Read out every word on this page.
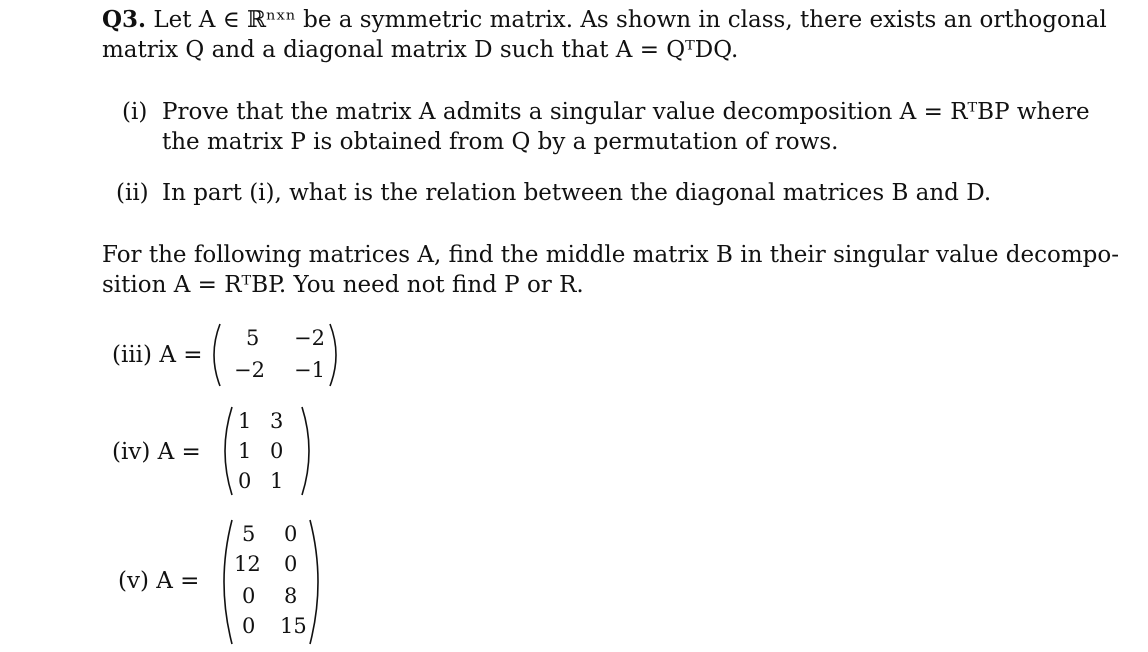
Q3. Let A ∈ ℝⁿˣⁿ be a symmetric matrix. As shown in class, there exists an orthogonal
matrix Q and a diagonal matrix D such that A = QᵀDQ.
(i) Prove that the matrix A admits a singular value decomposition A = RᵀBP where
the matrix P is obtained from Q by a permutation of rows.
(ii) In part (i), what is the relation between the diagonal matrices B and D.
For the following matrices A, find the middle matrix B in their singular value decompo-
sition A = RᵀBP. You need not find P or R.
(iii) A =
5 −2
−2 −1
(iv) A =
1 3
1 0
0 1
(v) A =
5 0
12 0
0 8
0 15
